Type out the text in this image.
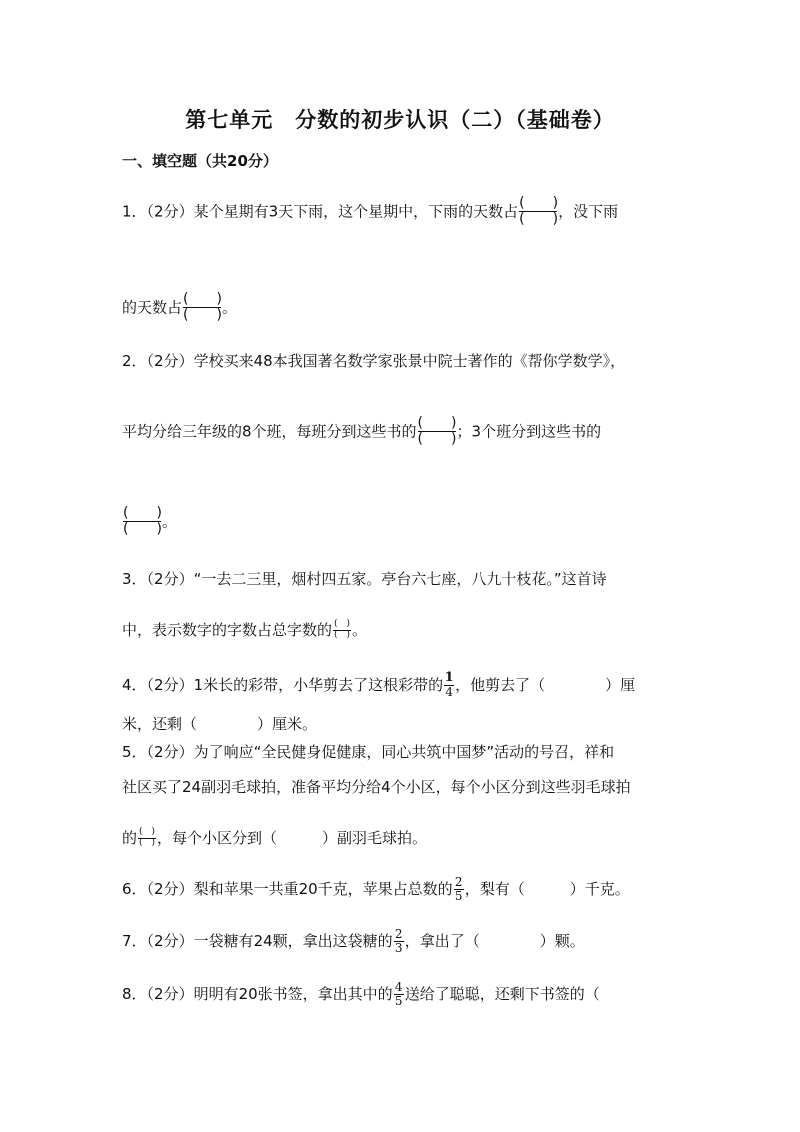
第七单元　分数的初步认识（二）（基础卷）
一、填空题（共20分）
1．（2分）某个星期有3天下雨，这个星期中，下雨的天数占 $\frac{( )}{( )}$ ，没下雨
的天数占 $\frac{( )}{( )}$ 。
2．（2分）学校买来48本我国著名数学家张景中院士著作的《帮你学数学》，
平均分给三年级的8个班，每班分到这些书的 $\frac{( )}{( )}$ ；3个班分到这些书的
$\frac{( )}{( )}$ 。
3．（2分）“一去二三里，烟村四五家。亭台六七座，八九十枝花。”这首诗
中，表示数字的字数占总字数的 $\frac{( )}{( )}$ 。
4．（2分）1米长的彩带，小华剪去了这根彩带的 $\frac{1}{4}$ ，他剪去了（　　　　）厘
米，还剩（　　　　）厘米。
5．（2分）为了响应“全民健身促健康，同心共筑中国梦”活动的号召，祥和
社区买了24副羽毛球拍，准备平均分给4个小区，每个小区分到这些羽毛球拍
的 $\frac{( )}{( )}$ ，每个小区分到（　　　）副羽毛球拍。
6．（2分）梨和苹果一共重20千克，苹果占总数的 $\frac{2}{5}$ ，梨有（　　　）千克。
7．（2分）一袋糖有24颗，拿出这袋糖的 $\frac{2}{3}$ ，拿出了（　　　　）颗。
8．（2分）明明有20张书签，拿出其中的 $\frac{4}{5}$ 送给了聪聪，还剩下书签的（
